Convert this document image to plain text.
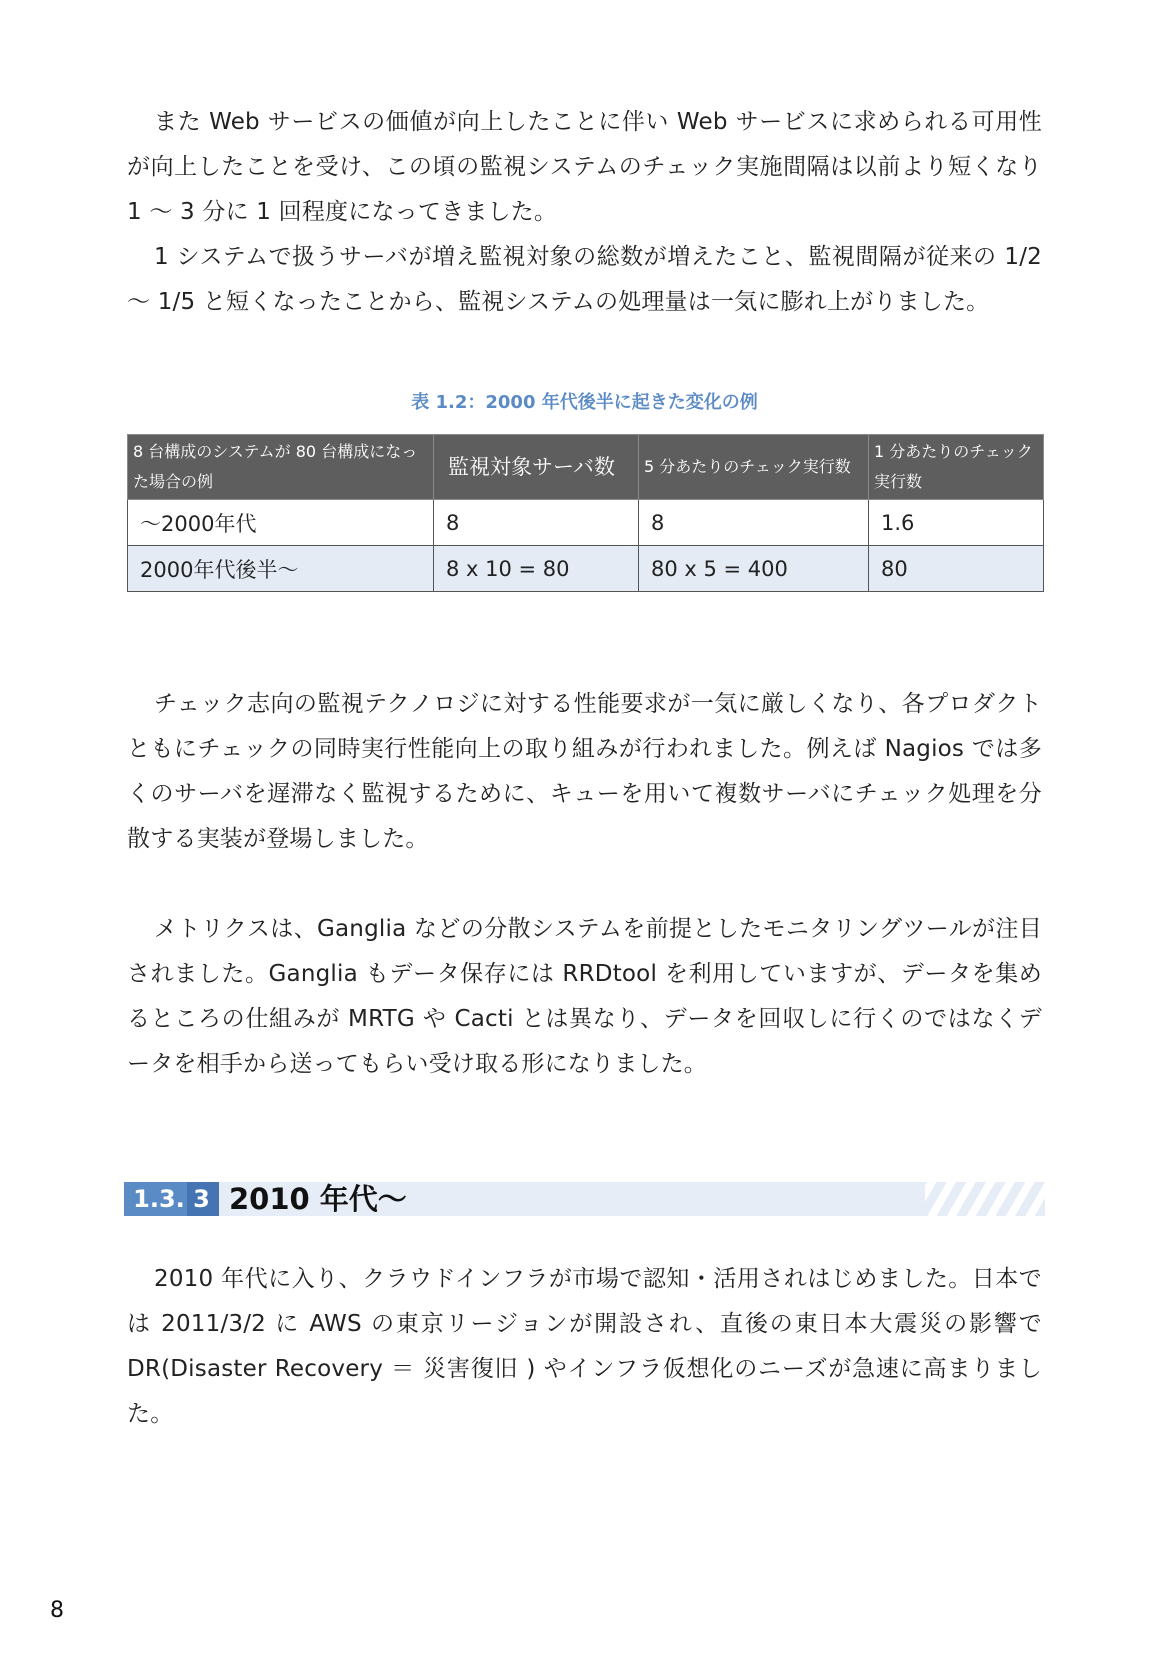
また Web サービスの価値が向上したことに伴い Web サービスに求められる可用性が向上したことを受け、この頃の監視システムのチェック実施間隔は以前より短くなり 1 〜 3 分に 1 回程度になってきました。

1 システムで扱うサーバが増え監視対象の総数が増えたこと、監視間隔が従来の 1/2 〜 1/5 と短くなったことから、監視システムの処理量は一気に膨れ上がりました。

表 1.2：2000 年代後半に起きた変化の例
8 台構成のシステムが 80 台構成になった場合の例	監視対象サーバ数	5 分あたりのチェック実行数	1 分あたりのチェック実行数
〜2000年代	8	8	1.6
2000年代後半〜	8 x 10 = 80	80 x 5 = 400	80

チェック志向の監視テクノロジに対する性能要求が一気に厳しくなり、各プロダクトともにチェックの同時実行性能向上の取り組みが行われました。例えば Nagios では多くのサーバを遅滞なく監視するために、キューを用いて複数サーバにチェック処理を分散する実装が登場しました。

メトリクスは、Ganglia などの分散システムを前提としたモニタリングツールが注目されました。Ganglia もデータ保存には RRDtool を利用していますが、データを集めるところの仕組みが MRTG や Cacti とは異なり、データを回収しに行くのではなくデータを相手から送ってもらい受け取る形になりました。

1.3. 3 2010 年代〜

2010 年代に入り、クラウドインフラが市場で認知・活用されはじめました。日本では 2011/3/2 に AWS の東京リージョンが開設され、直後の東日本大震災の影響で DR(Disaster Recovery ＝ 災害復旧 ) やインフラ仮想化のニーズが急速に高まりました。

8
